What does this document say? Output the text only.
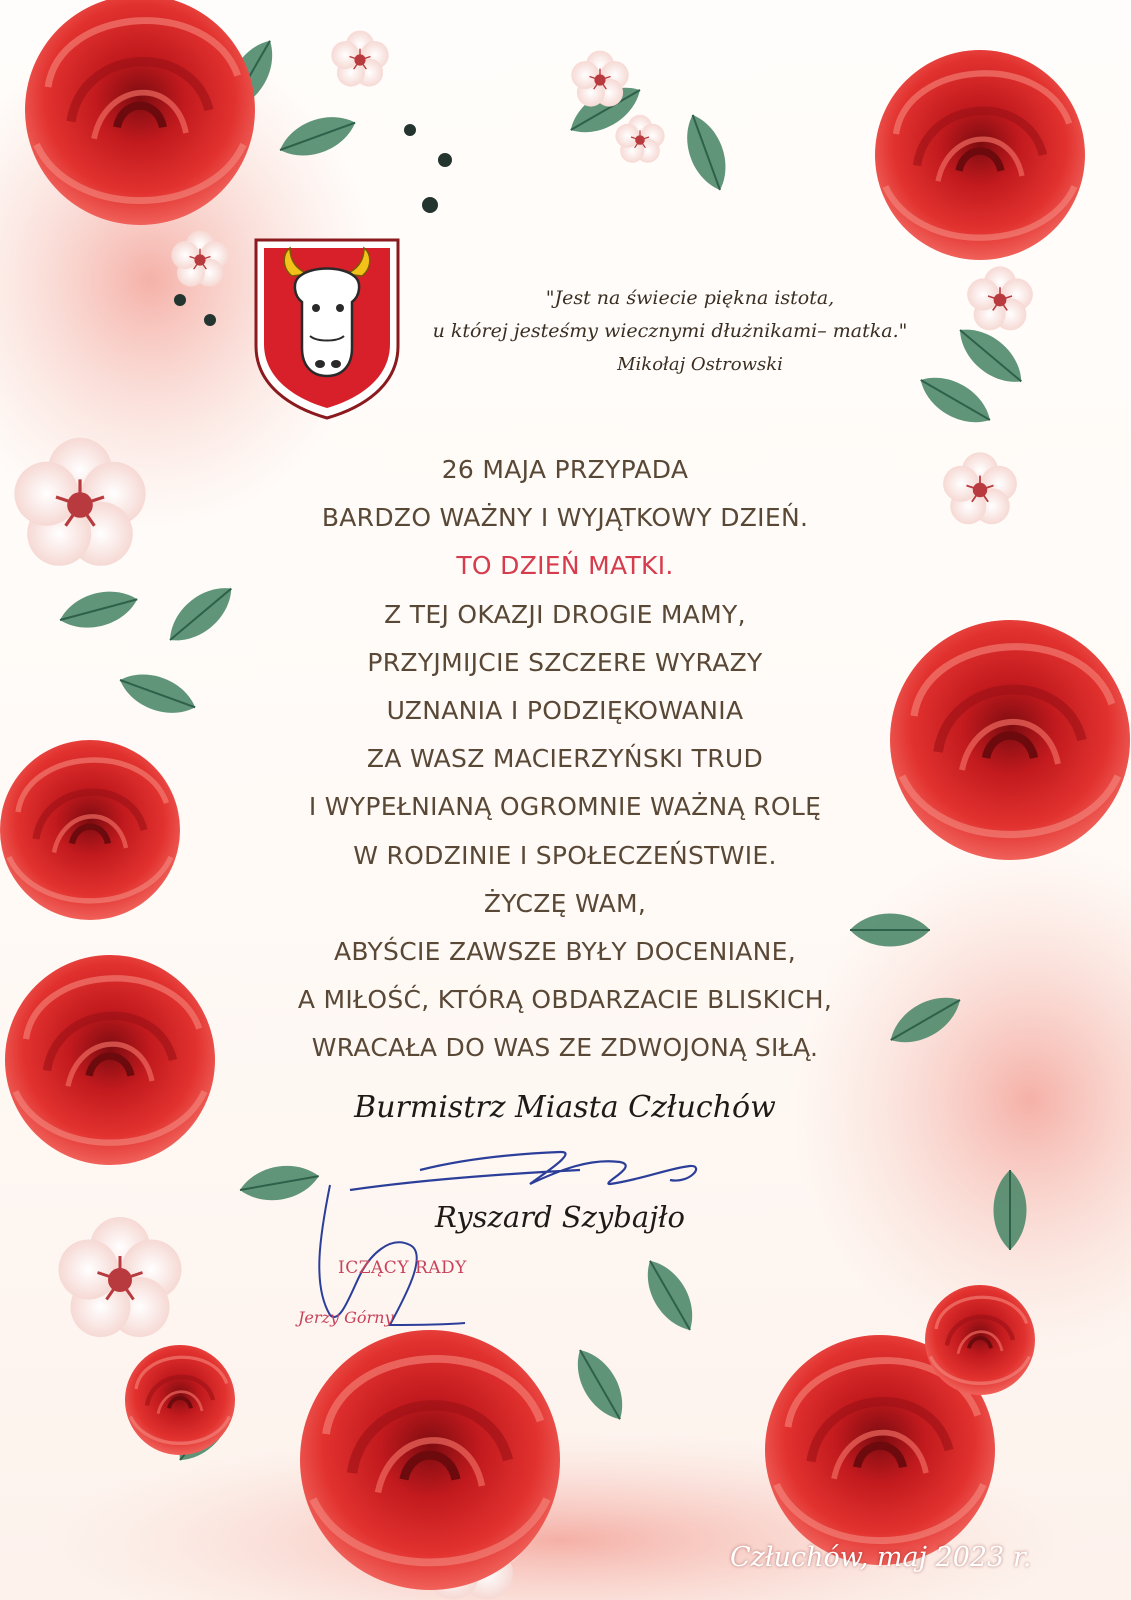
"Jest na świecie piękna istota,
u której jesteśmy wiecznymi dłużnikami– matka."
Mikołaj Ostrowski
26 MAJA PRZYPADA
BARDZO WAŻNY I WYJĄTKOWY DZIEŃ.
TO DZIEŃ MATKI.
Z TEJ OKAZJI DROGIE MAMY,
PRZYJMIJCIE SZCZERE WYRAZY
UZNANIA I PODZIĘKOWANIA
ZA WASZ MACIERZYŃSKI TRUD
I WYPEŁNIANĄ OGROMNIE WAŻNĄ ROLĘ
W RODZINIE I SPOŁECZEŃSTWIE.
ŻYCZĘ WAM,
ABYŚCIE ZAWSZE BYŁY DOCENIANE,
A MIŁOŚĆ, KTÓRĄ OBDARZACIE BLISKICH,
WRACAŁA DO WAS ZE ZDWOJONĄ SIŁĄ.
Burmistrz Miasta Człuchów
Ryszard Szybajło
ICZĄCY RADY
Jerzy Górny
Człuchów, maj 2023 r.
